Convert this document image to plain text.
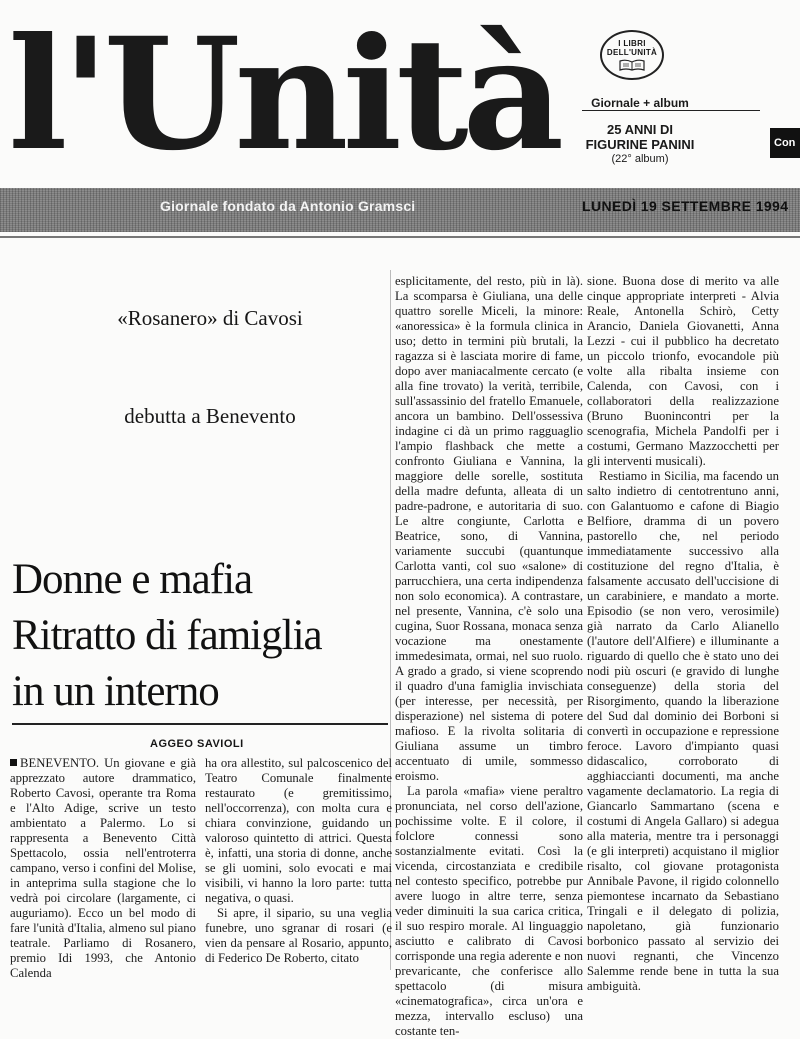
l'Unità	I LIBRI
DELL'UNITÀ
Giornale + album
25 ANNI DI
FIGURINE PANINI
(22° album)
Con
Giornale fondato da Antonio Gramsci	LUNEDÌ 19 SETTEMBRE 1994
«Rosanero» di Cavosi
debutta a Benevento
Donne e mafia
Ritratto di famiglia
in un interno
AGGEO SAVIOLI

BENEVENTO. Un giovane e già apprezzato autore drammatico, Roberto Cavosi, operante tra Roma e l'Alto Adige, scrive un testo ambientato a Palermo. Lo si rappresenta a Benevento Città Spettacolo, ossia nell'entroterra campano, verso i confini del Molise, in anteprima sulla stagione che lo vedrà poi circolare (largamente, ci auguriamo). Ecco un bel modo di fare l'unità d'Italia, almeno sul piano teatrale. Parliamo di Rosanero, premio Idi 1993, che Antonio Calenda

ha ora allestito, sul palcoscenico del Teatro Comunale finalmente restaurato (e gremitissimo, nell'occorrenza), con molta cura e chiara convinzione, guidando un valoroso quintetto di attrici. Questa è, infatti, una storia di donne, anche se gli uomini, solo evocati e mai visibili, vi hanno la loro parte: tutta negativa, o quasi.

Si apre, il sipario, su una veglia funebre, uno sgranar di rosari (e vien da pensare al Rosario, appunto, di Federico De Roberto, citato

esplicitamente, del resto, più in là). La scomparsa è Giuliana, una delle quattro sorelle Miceli, la minore: «anoressica» è la formula clinica in uso; detto in termini più brutali, la ragazza si è lasciata morire di fame, dopo aver maniacalmente cercato (e alla fine trovato) la verità, terribile, sull'assassinio del fratello Emanuele, ancora un bambino. Dell'ossessiva indagine ci dà un primo ragguaglio l'ampio flashback che mette a confronto Giuliana e Vannina, la maggiore delle sorelle, sostituta della madre defunta, alleata di un padre-padrone, e autoritaria di suo. Le altre congiunte, Carlotta e Beatrice, sono, di Vannina, variamente succubi (quantunque Carlotta vanti, col suo «salone» di parrucchiera, una certa indipendenza non solo economica). A contrastare, nel presente, Vannina, c'è solo una cugina, Suor Rossana, monaca senza vocazione ma onestamente immedesimata, ormai, nel suo ruolo. A grado a grado, si viene scoprendo il quadro d'una famiglia invischiata (per interesse, per necessità, per disperazione) nel sistema di potere mafioso. E la rivolta solitaria di Giuliana assume un timbro accentuato di umile, sommesso eroismo.

La parola «mafia» viene peraltro pronunciata, nel corso dell'azione, pochissime volte. E il colore, il folclore connessi sono sostanzialmente evitati. Così la vicenda, circostanziata e credibile nel contesto specifico, potrebbe pur avere luogo in altre terre, senza veder diminuiti la sua carica critica, il suo respiro morale. Al linguaggio asciutto e calibrato di Cavosi corrisponde una regia aderente e non prevaricante, che conferisce allo spettacolo (di misura «cinematografica», circa un'ora e mezza, intervallo escluso) una costante ten-

sione. Buona dose di merito va alle cinque appropriate interpreti - Alvia Reale, Antonella Schirò, Cetty Arancio, Daniela Giovanetti, Anna Lezzi - cui il pubblico ha decretato un piccolo trionfo, evocandole più volte alla ribalta insieme con Calenda, con Cavosi, con i collaboratori della realizzazione (Bruno Buonincontri per la scenografia, Michela Pandolfi per i costumi, Germano Mazzocchetti per gli interventi musicali).

Restiamo in Sicilia, ma facendo un salto indietro di centotrentuno anni, con Galantuomo e cafone di Biagio Belfiore, dramma di un povero pastorello che, nel periodo immediatamente successivo alla costituzione del regno d'Italia, è falsamente accusato dell'uccisione di un carabiniere, e mandato a morte. Episodio (se non vero, verosimile) già narrato da Carlo Alianello (l'autore dell'Alfiere) e illuminante a riguardo di quello che è stato uno dei nodi più oscuri (e gravido di lunghe conseguenze) della storia del Risorgimento, quando la liberazione del Sud dal dominio dei Borboni si convertì in occupazione e repressione feroce. Lavoro d'impianto quasi didascalico, corroborato di agghiaccianti documenti, ma anche vagamente declamatorio. La regia di Giancarlo Sammartano (scena e costumi di Angela Gallaro) si adegua alla materia, mentre tra i personaggi (e gli interpreti) acquistano il miglior risalto, col giovane protagonista Annibale Pavone, il rigido colonnello piemontese incarnato da Sebastiano Tringali e il delegato di polizia, napoletano, già funzionario borbonico passato al servizio dei nuovi regnanti, che Vincenzo Salemme rende bene in tutta la sua ambiguità.
